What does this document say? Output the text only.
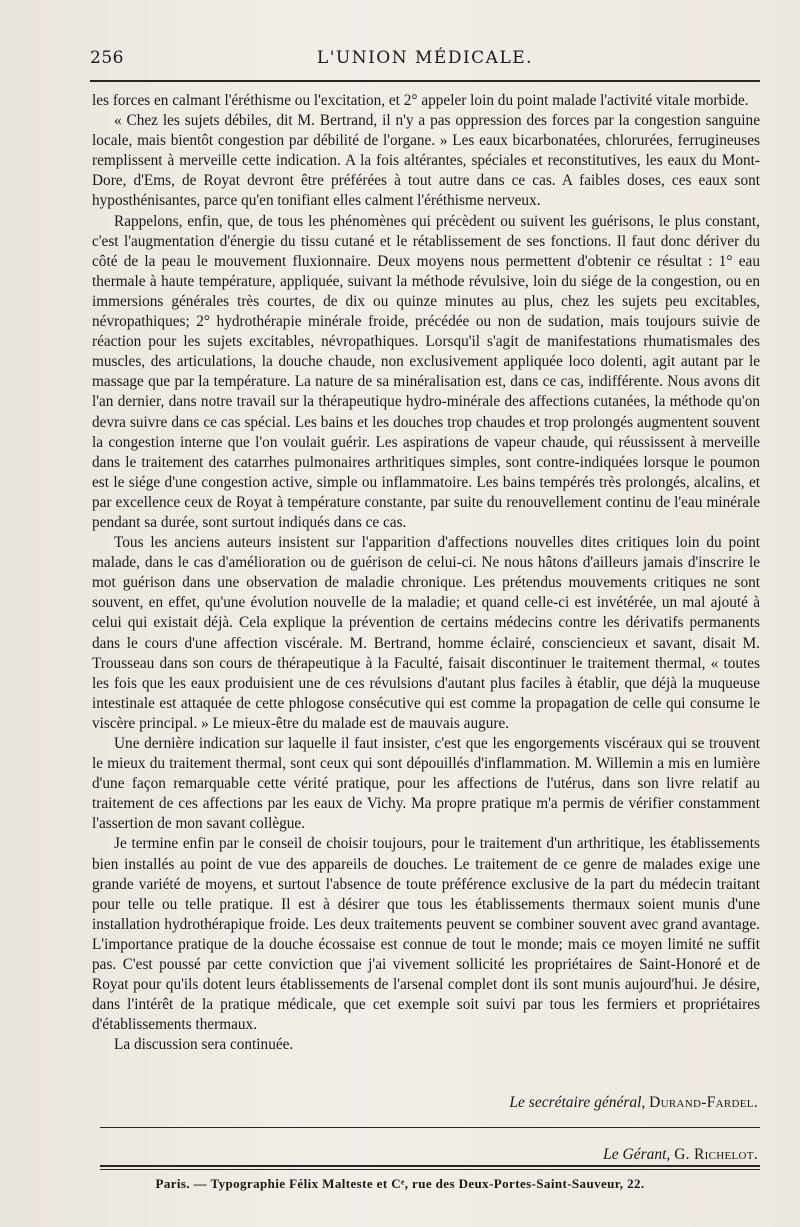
256	L'UNION MÉDICALE.

les forces en calmant l'éréthisme ou l'excitation, et 2° appeler loin du point malade l'activité vitale morbide.

« Chez les sujets débiles, dit M. Bertrand, il n'y a pas oppression des forces par la congestion sanguine locale, mais bientôt congestion par débilité de l'organe. » Les eaux bicarbonatées, chlorurées, ferrugineuses remplissent à merveille cette indication. A la fois altérantes, spéciales et reconstitutives, les eaux du Mont-Dore, d'Ems, de Royat devront être préférées à tout autre dans ce cas. A faibles doses, ces eaux sont hyposthénisantes, parce qu'en tonifiant elles calment l'éréthisme nerveux.

Rappelons, enfin, que, de tous les phénomènes qui précèdent ou suivent les guérisons, le plus constant, c'est l'augmentation d'énergie du tissu cutané et le rétablissement de ses fonctions. Il faut donc dériver du côté de la peau le mouvement fluxionnaire. Deux moyens nous permettent d'obtenir ce résultat : 1° eau thermale à haute température, appliquée, suivant la méthode révulsive, loin du siége de la congestion, ou en immersions générales très courtes, de dix ou quinze minutes au plus, chez les sujets peu excitables, névropathiques; 2° hydrothérapie minérale froide, précédée ou non de sudation, mais toujours suivie de réaction pour les sujets excitables, névropathiques. Lorsqu'il s'agit de manifestations rhumatismales des muscles, des articulations, la douche chaude, non exclusivement appliquée loco dolenti, agit autant par le massage que par la température. La nature de sa minéralisation est, dans ce cas, indifférente. Nous avons dit l'an dernier, dans notre travail sur la thérapeutique hydro-minérale des affections cutanées, la méthode qu'on devra suivre dans ce cas spécial. Les bains et les douches trop chaudes et trop prolongés augmentent souvent la congestion interne que l'on voulait guérir. Les aspirations de vapeur chaude, qui réussissent à merveille dans le traitement des catarrhes pulmonaires arthritiques simples, sont contre-indiquées lorsque le poumon est le siége d'une congestion active, simple ou inflammatoire. Les bains tempérés très prolongés, alcalins, et par excellence ceux de Royat à température constante, par suite du renouvellement continu de l'eau minérale pendant sa durée, sont surtout indiqués dans ce cas.

Tous les anciens auteurs insistent sur l'apparition d'affections nouvelles dites critiques loin du point malade, dans le cas d'amélioration ou de guérison de celui-ci. Ne nous hâtons d'ailleurs jamais d'inscrire le mot guérison dans une observation de maladie chronique. Les prétendus mouvements critiques ne sont souvent, en effet, qu'une évolution nouvelle de la maladie; et quand celle-ci est invétérée, un mal ajouté à celui qui existait déjà. Cela explique la prévention de certains médecins contre les dérivatifs permanents dans le cours d'une affection viscérale. M. Bertrand, homme éclairé, consciencieux et savant, disait M. Trousseau dans son cours de thérapeutique à la Faculté, faisait discontinuer le traitement thermal, « toutes les fois que les eaux produisient une de ces révulsions d'autant plus faciles à établir, que déjà la muqueuse intestinale est attaquée de cette phlogose consécutive qui est comme la propagation de celle qui consume le viscère principal. » Le mieux-être du malade est de mauvais augure.

Une dernière indication sur laquelle il faut insister, c'est que les engorgements viscéraux qui se trouvent le mieux du traitement thermal, sont ceux qui sont dépouillés d'inflammation. M. Willemin a mis en lumière d'une façon remarquable cette vérité pratique, pour les affections de l'utérus, dans son livre relatif au traitement de ces affections par les eaux de Vichy. Ma propre pratique m'a permis de vérifier constamment l'assertion de mon savant collègue.

Je termine enfin par le conseil de choisir toujours, pour le traitement d'un arthritique, les établissements bien installés au point de vue des appareils de douches. Le traitement de ce genre de malades exige une grande variété de moyens, et surtout l'absence de toute préférence exclusive de la part du médecin traitant pour telle ou telle pratique. Il est à désirer que tous les établissements thermaux soient munis d'une installation hydrothérapique froide. Les deux traitements peuvent se combiner souvent avec grand avantage. L'importance pratique de la douche écossaise est connue de tout le monde; mais ce moyen limité ne suffit pas. C'est poussé par cette conviction que j'ai vivement sollicité les propriétaires de Saint-Honoré et de Royat pour qu'ils dotent leurs établissements de l'arsenal complet dont ils sont munis aujourd'hui. Je désire, dans l'intérêt de la pratique médicale, que cet exemple soit suivi par tous les fermiers et propriétaires d'établissements thermaux.

La discussion sera continuée.

Le secrétaire général, Durand-Fardel.
Le Gérant, G. Richelot.
Paris. — Typographie Félix Malteste et Cᵉ, rue des Deux-Portes-Saint-Sauveur, 22.
